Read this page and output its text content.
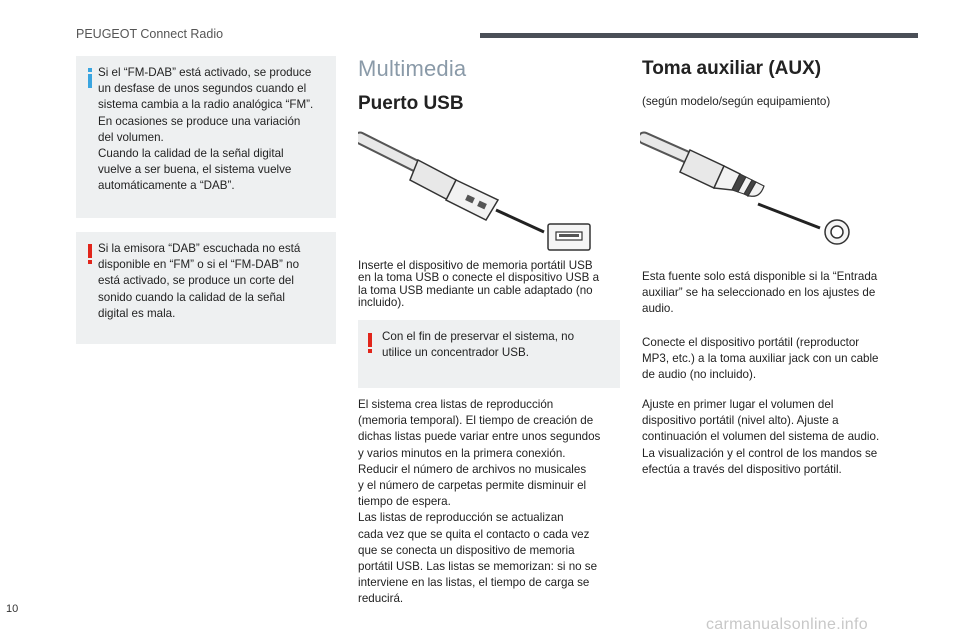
PEUGEOT Connect Radio

Si el “FM-DAB” está activado, se produce

un desfase de unos segundos cuando el

sistema cambia a la radio analógica “FM”.

En ocasiones se produce una variación

del volumen.

Cuando la calidad de la señal digital

vuelve a ser buena, el sistema vuelve

automáticamente a “DAB”.

Si la emisora “DAB” escuchada no está

disponible en “FM” o si el “FM-DAB” no

está activado, se produce un corte del

sonido cuando la calidad de la señal

digital es mala.

Multimedia
Puerto USB

Inserte el dispositivo de memoria portátil USB

en la toma USB o conecte el dispositivo USB a

la toma USB mediante un cable adaptado (no

incluido).

Con el fin de preservar el sistema, no

utilice un concentrador USB.

El sistema crea listas de reproducción

(memoria temporal). El tiempo de creación de

dichas listas puede variar entre unos segundos

y varios minutos en la primera conexión.

Reducir el número de archivos no musicales

y el número de carpetas permite disminuir el

tiempo de espera.

Las listas de reproducción se actualizan

cada vez que se quita el contacto o cada vez

que se conecta un dispositivo de memoria

portátil USB. Las listas se memorizan: si no se

interviene en las listas, el tiempo de carga se

reducirá.

Toma auxiliar (AUX)
(según modelo/según equipamiento)

Esta fuente solo está disponible si la “Entrada

auxiliar” se ha seleccionado en los ajustes de

audio.

Conecte el dispositivo portátil (reproductor

MP3, etc.) a la toma auxiliar jack con un cable

de audio (no incluido).

Ajuste en primer lugar el volumen del

dispositivo portátil (nivel alto). Ajuste a

continuación el volumen del sistema de audio.

La visualización y el control de los mandos se

efectúa a través del dispositivo portátil.

10
carmanualsonline.info
